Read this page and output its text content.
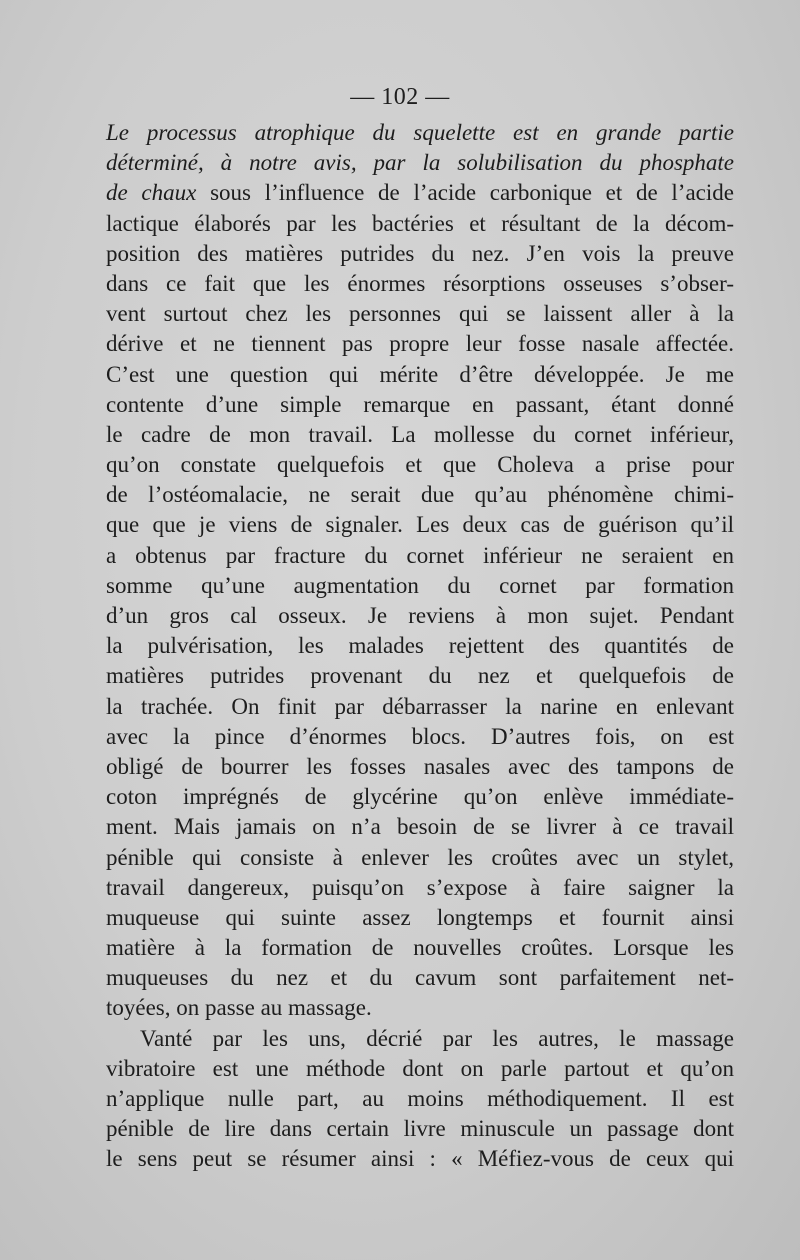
— 102 —
Le processus atrophique du squelette est en grande partie
déterminé, à notre avis, par la solubilisation du phosphate
de chaux sous l’influence de l’acide carbonique et de l’acide
lactique élaborés par les bactéries et résultant de la décom-
position des matières putrides du nez. J’en vois la preuve
dans ce fait que les énormes résorptions osseuses s’obser-
vent surtout chez les personnes qui se laissent aller à la
dérive et ne tiennent pas propre leur fosse nasale affectée.
C’est une question qui mérite d’être développée. Je me
contente d’une simple remarque en passant, étant donné
le cadre de mon travail. La mollesse du cornet inférieur,
qu’on constate quelquefois et que Choleva a prise pour
de l’ostéomalacie, ne serait due qu’au phénomène chimi-
que que je viens de signaler. Les deux cas de guérison qu’il
a obtenus par fracture du cornet inférieur ne seraient en
somme qu’une augmentation du cornet par formation
d’un gros cal osseux. Je reviens à mon sujet. Pendant
la pulvérisation, les malades rejettent des quantités de
matières putrides provenant du nez et quelquefois de
la trachée. On finit par débarrasser la narine en enlevant
avec la pince d’énormes blocs. D’autres fois, on est
obligé de bourrer les fosses nasales avec des tampons de
coton imprégnés de glycérine qu’on enlève immédiate-
ment. Mais jamais on n’a besoin de se livrer à ce travail
pénible qui consiste à enlever les croûtes avec un stylet,
travail dangereux, puisqu’on s’expose à faire saigner la
muqueuse qui suinte assez longtemps et fournit ainsi
matière à la formation de nouvelles croûtes. Lorsque les
muqueuses du nez et du cavum sont parfaitement net-
toyées, on passe au massage.
Vanté par les uns, décrié par les autres, le massage
vibratoire est une méthode dont on parle partout et qu’on
n’applique nulle part, au moins méthodiquement. Il est
pénible de lire dans certain livre minuscule un passage dont
le sens peut se résumer ainsi : « Méfiez-vous de ceux qui
